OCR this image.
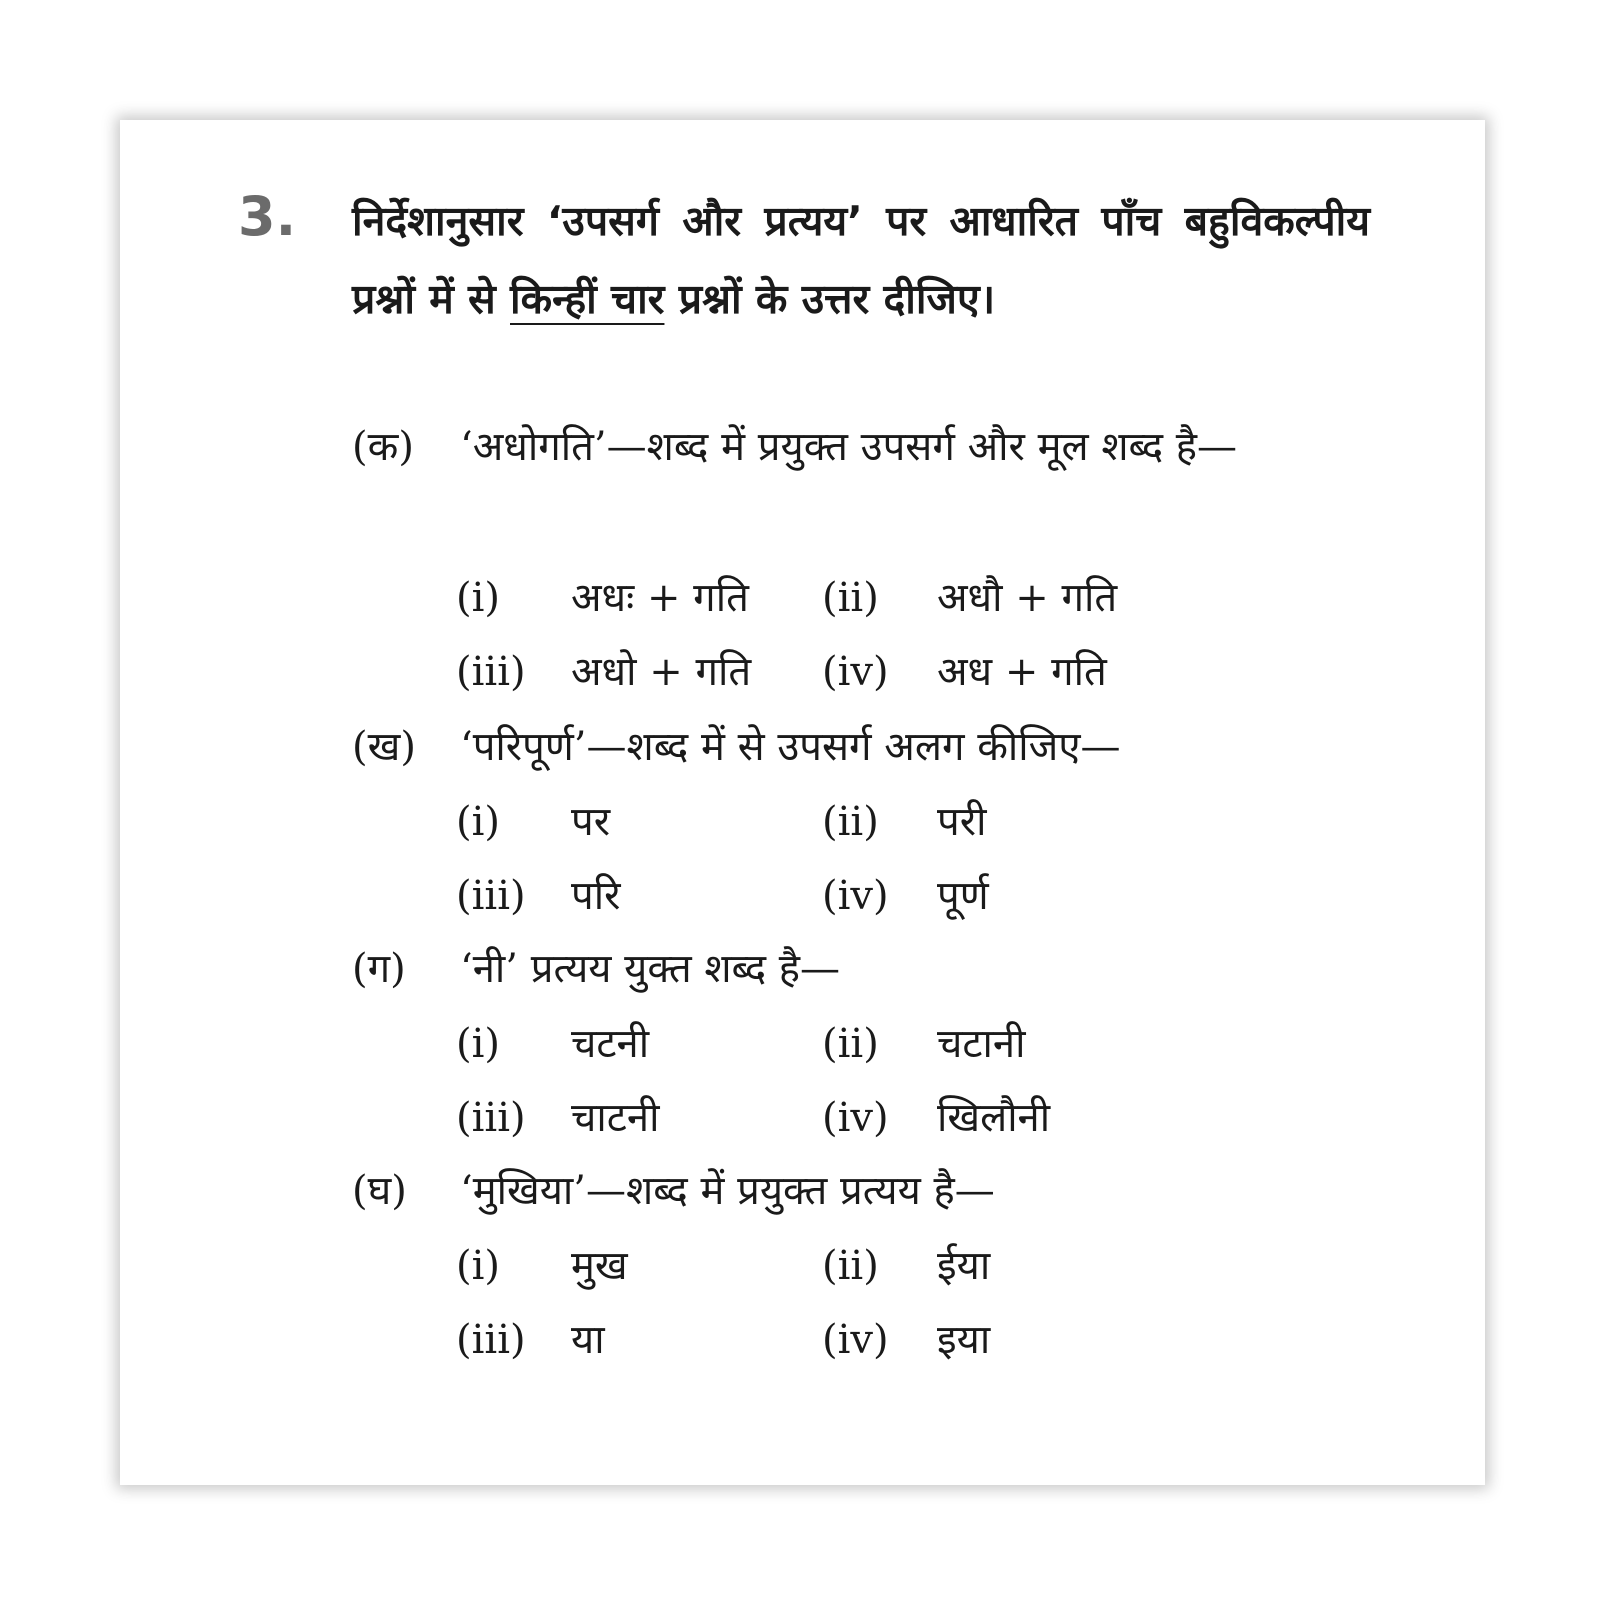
3. निर्देशानुसार ‘उपसर्ग और प्रत्यय’ पर आधारित पाँच बहुविकल्पीय प्रश्नों में से किन्हीं चार प्रश्नों के उत्तर दीजिए।
(क) ‘अधोगति’—शब्द में प्रयुक्त उपसर्ग और मूल शब्द है—
(i) अधः + गति (ii) अधौ + गति
(iii) अधो + गति (iv) अध + गति
(ख) ‘परिपूर्ण’—शब्द में से उपसर्ग अलग कीजिए—
(i) पर	(ii) परी
(iii) परि	(iv) पूर्ण
(ग) ‘नी’ प्रत्यय युक्त शब्द है—
(i) चटनी	(ii) चटानी
(iii) चाटनी	(iv) खिलौनी
(घ) ‘मुखिया’—शब्द में प्रयुक्त प्रत्यय है—
(i) मुख	(ii) ईया
(iii) या	(iv) इया
